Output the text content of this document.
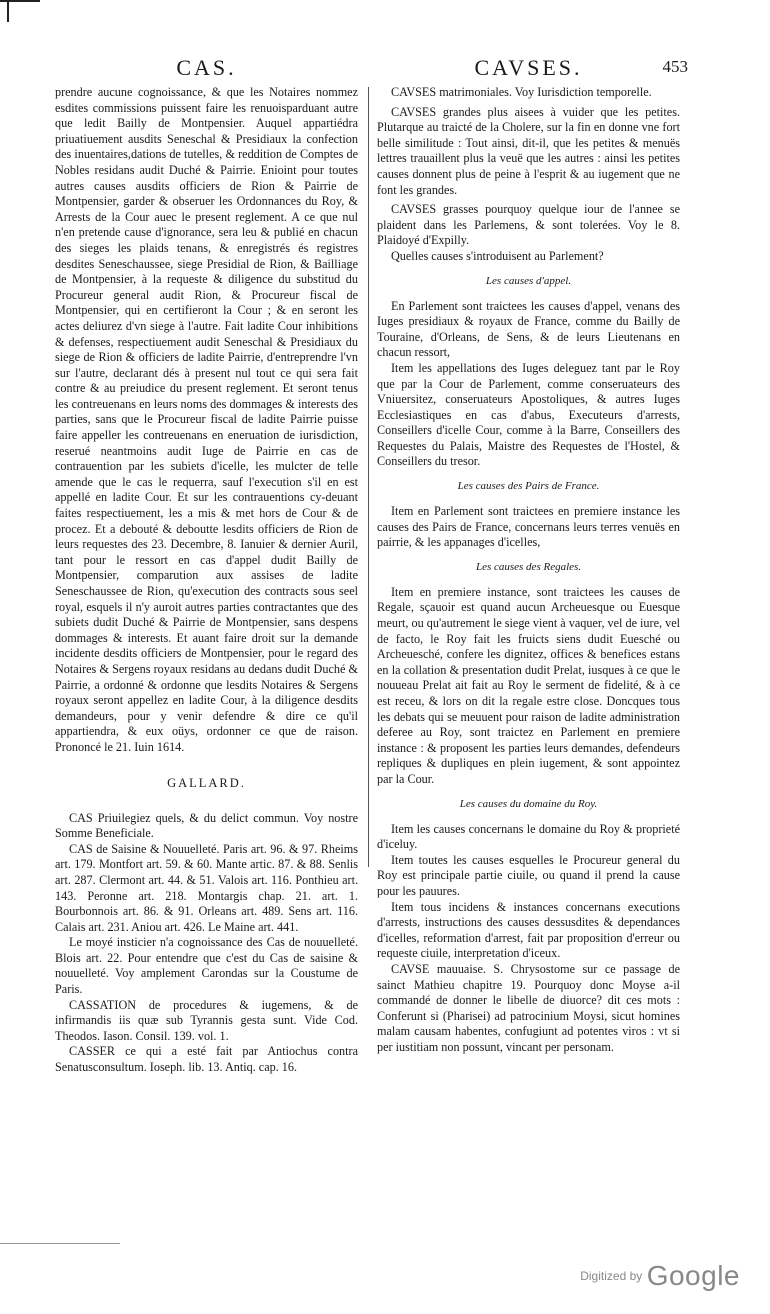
CAS.

prendre aucune cognoissance, & que les Notaires nommez esdites commissions puissent faire les renuoisparduant autre que ledit Bailly de Montpensier. Auquel appartiédra priuatiuement ausdits Seneschal & Presidiaux la confection des inuentaires,dations de tutelles, & reddition de Comptes de Nobles residans audit Duché & Pairrie. Enioint pour toutes autres causes ausdits officiers de Rion & Pairrie de Montpensier, garder & obseruer les Ordonnances du Roy, & Arrests de la Cour auec le present reglement. A ce que nul n'en pretende cause d'ignorance, sera leu & publié en chacun des sieges les plaids tenans, & enregistrés és registres desdites Seneschaussee, siege Presidial de Rion, & Bailliage de Montpensier, à la requeste & diligence du substitud du Procureur general audit Rion, & Procureur fiscal de Montpensier, qui en certifieront la Cour ; & en seront les actes deliurez d'vn siege à l'autre. Fait ladite Cour inhibitions & defenses, respectiuement audit Seneschal & Presidiaux du siege de Rion & officiers de ladite Pairrie, d'entreprendre l'vn sur l'autre, declarant dés à present nul tout ce qui sera fait contre & au preiudice du present reglement. Et seront tenus les contreuenans en leurs noms des dommages & interests des parties, sans que le Procureur fiscal de ladite Pairrie puisse faire appeller les contreuenans en eneruation de iurisdiction, reserué neantmoins audit Iuge de Pairrie en cas de contrauention par les subiets d'icelle, les mulcter de telle amende que le cas le requerra, sauf l'execution s'il en est appellé en ladite Cour. Et sur les contrauentions cy-deuant faites respectiuement, les a mis & met hors de Cour & de procez. Et a debouté & deboutte lesdits officiers de Rion de leurs requestes des 23. Decembre, 8. Ianuier & dernier Auril, tant pour le ressort en cas d'appel dudit Bailly de Montpensier, comparution aux assises de ladite Seneschaussee de Rion, qu'execution des contracts sous seel royal, esquels il n'y auroit autres parties contractantes que des subiets dudit Duché & Pairrie de Montpensier, sans despens dommages & interests. Et auant faire droit sur la demande incidente desdits officiers de Montpensier, pour le regard des Notaires & Sergens royaux residans au dedans dudit Duché & Pairrie, a ordonné & ordonne que lesdits Notaires & Sergens royaux seront appellez en ladite Cour, à la diligence desdits demandeurs, pour y venir defendre & dire ce qu'il appartiendra, & eux oüys, ordonner ce que de raison. Prononcé le 21. Iuin 1614.

GALLARD.

CAS Priuilegiez quels, & du delict commun. Voy nostre Somme Beneficiale.

CAS de Saisine & Nouuelleté. Paris art. 96. & 97. Rheims art. 179. Montfort art. 59. & 60. Mante artic. 87. & 88. Senlis art. 287. Clermont art. 44. & 51. Valois art. 116. Ponthieu art. 143. Peronne art. 218. Montargis chap. 21. art. 1. Bourbonnois art. 86. & 91. Orleans art. 489. Sens art. 116. Calais art. 231. Aniou art. 426. Le Maine art. 441.

Le moyé insticier n'a cognoissance des Cas de nouuelleté. Blois art. 22. Pour entendre que c'est du Cas de saisine & nouuelleté. Voy amplement Carondas sur la Coustume de Paris.

CASSATION de procedures & iugemens, & de infirmandis iis quæ sub Tyrannis gesta sunt. Vide Cod. Theodos. Iason. Consil. 139. vol. 1.

CASSER ce qui a esté fait par Antiochus contra Senatusconsultum. Ioseph. lib. 13. Antiq. cap. 16.

CAVSES.	453

CAVSES matrimoniales. Voy Iurisdiction temporelle.

CAVSES grandes plus aisees à vuider que les petites. Plutarque au traicté de la Cholere, sur la fin en donne vne fort belle similitude : Tout ainsi, dit-il, que les petites & menuës lettres trauaillent plus la veuë que les autres : ainsi les petites causes donnent plus de peine à l'esprit & au iugement que ne font les grandes.

CAVSES grasses pourquoy quelque iour de l'annee se plaident dans les Parlemens, & sont tolerées. Voy le 8. Plaidoyé d'Expilly.

Quelles causes s'introduisent au Parlement?

Les causes d'appel.

En Parlement sont traictees les causes d'appel, venans des Iuges presidiaux & royaux de France, comme du Bailly de Touraine, d'Orleans, de Sens, & de leurs Lieutenans en chacun ressort,

Item les appellations des Iuges deleguez tant par le Roy que par la Cour de Parlement, comme conseruateurs des Vniuersitez, conseruateurs Apostoliques, & autres Iuges Ecclesiastiques en cas d'abus, Executeurs d'arrests, Conseillers d'icelle Cour, comme à la Barre, Conseillers des Requestes du Palais, Maistre des Requestes de l'Hostel, & Conseillers du tresor.

Les causes des Pairs de France.

Item en Parlement sont traictees en premiere instance les causes des Pairs de France, concernans leurs terres venuës en pairrie, & les appanages d'icelles,

Les causes des Regales.

Item en premiere instance, sont traictees les causes de Regale, sçauoir est quand aucun Archeuesque ou Euesque meurt, ou qu'autrement le siege vient à vaquer, vel de iure, vel de facto, le Roy fait les fruicts siens dudit Euesché ou Archeuesché, confere les dignitez, offices & benefices estans en la collation & presentation dudit Prelat, iusques à ce que le nouueau Prelat ait fait au Roy le serment de fidelité, & à ce est receu, & lors on dit la regale estre close. Doncques tous les debats qui se meuuent pour raison de ladite administration deferee au Roy, sont traictez en Parlement en premiere instance : & proposent les parties leurs demandes, defendeurs repliques & dupliques en plein iugement, & sont appointez par la Cour.

Les causes du domaine du Roy.

Item les causes concernans le domaine du Roy & proprieté d'iceluy.

Item toutes les causes esquelles le Procureur general du Roy est principale partie ciuile, ou quand il prend la cause pour les pauures.

Item tous incidens & instances concernans executions d'arrests, instructions des causes dessusdites & dependances d'icelles, reformation d'arrest, fait par proposition d'erreur ou requeste ciuile, interpretation d'iceux.

CAVSE mauuaise. S. Chrysostome sur ce passage de sainct Mathieu chapitre 19. Pourquoy donc Moyse a-il commandé de donner le libelle de diuorce? dit ces mots : Conferunt si (Pharisei) ad patrocinium Moysi, sicut homines malam causam habentes, confugiunt ad potentes viros : vt si per iustitiam non possunt, vincant per personam.

Digitized by Google
